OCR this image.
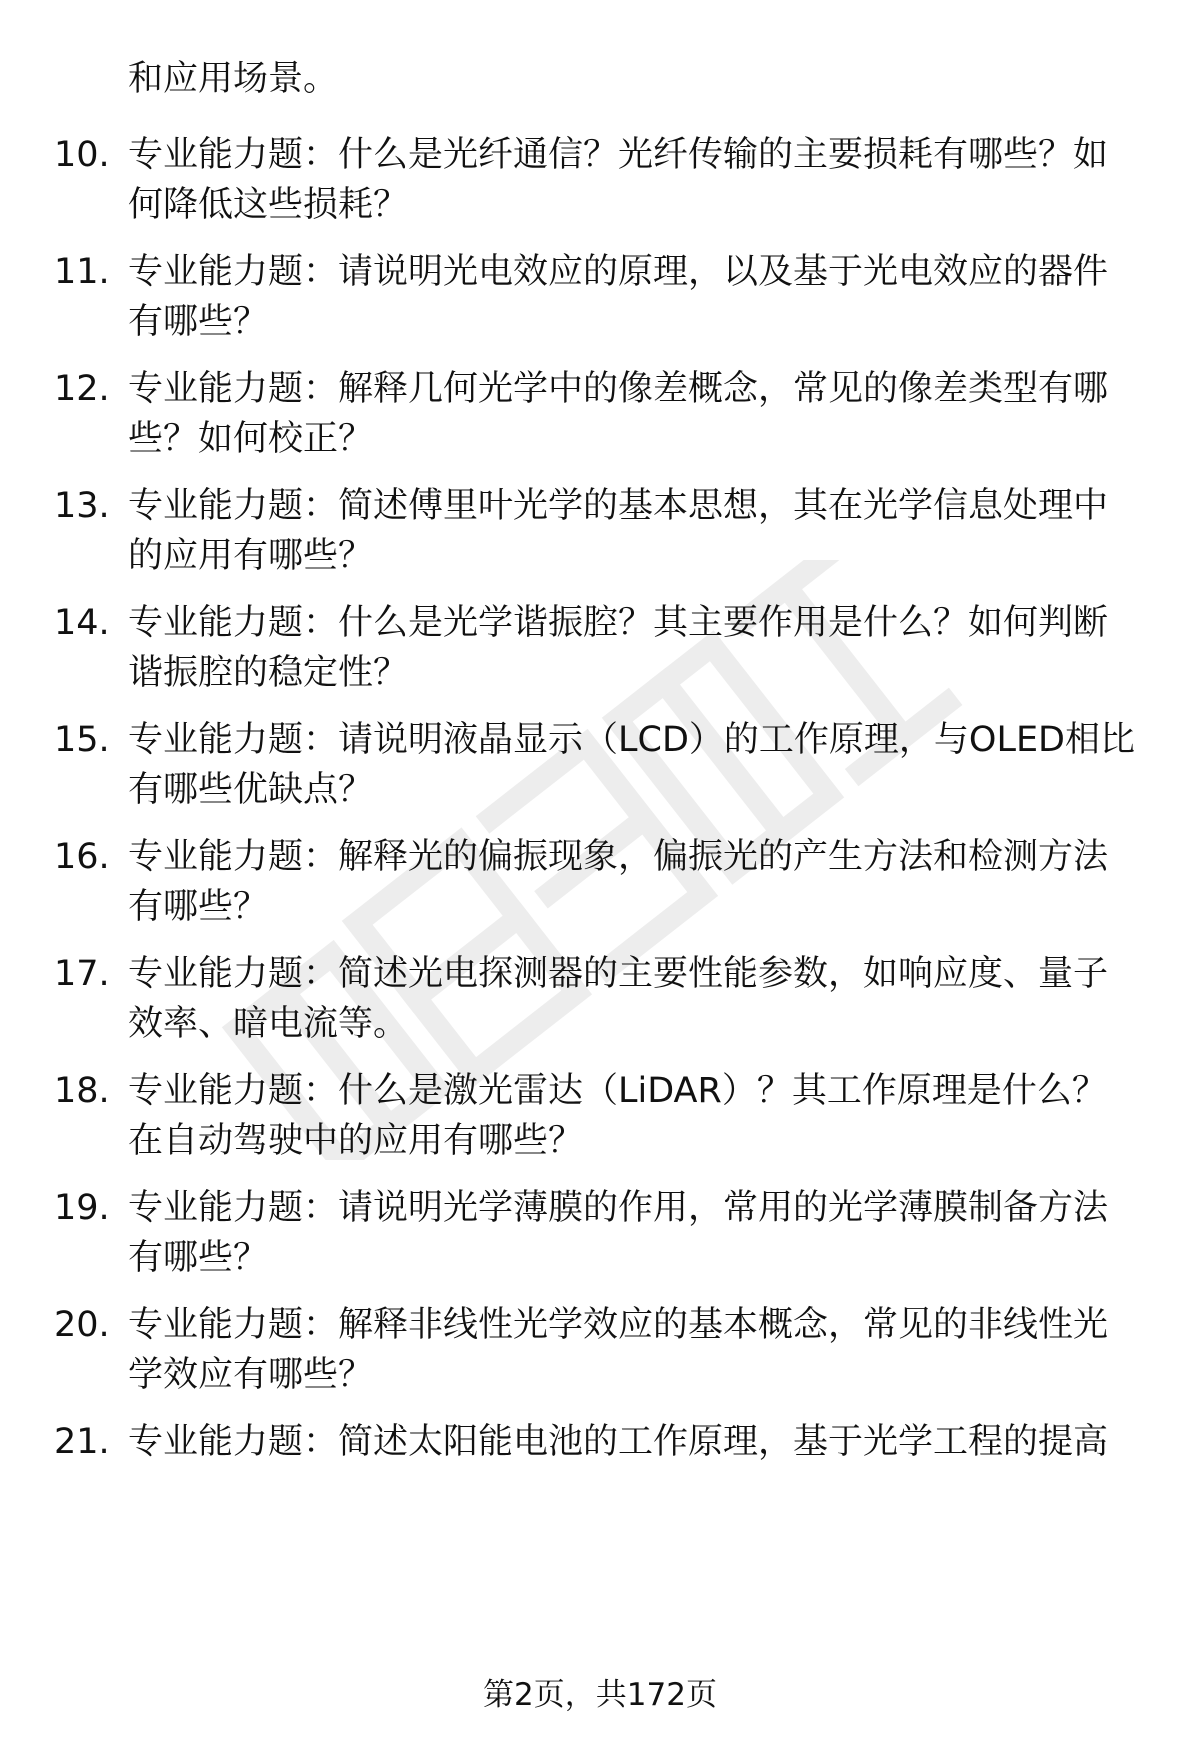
和应用场景。
10. 专业能力题：什么是光纤通信？光纤传输的主要损耗有哪些？如
何降低这些损耗？
11. 专业能力题：请说明光电效应的原理，以及基于光电效应的器件
有哪些？
12. 专业能力题：解释几何光学中的像差概念，常见的像差类型有哪
些？如何校正？
13. 专业能力题：简述傅里叶光学的基本思想，其在光学信息处理中
的应用有哪些？
14. 专业能力题：什么是光学谐振腔？其主要作用是什么？如何判断
谐振腔的稳定性？
15. 专业能力题：请说明液晶显示（LCD）的工作原理，与OLED相比
有哪些优缺点？
16. 专业能力题：解释光的偏振现象，偏振光的产生方法和检测方法
有哪些？
17. 专业能力题：简述光电探测器的主要性能参数，如响应度、量子
效率、暗电流等。
18. 专业能力题：什么是激光雷达（LiDAR）？其工作原理是什么？
在自动驾驶中的应用有哪些？
19. 专业能力题：请说明光学薄膜的作用，常用的光学薄膜制备方法
有哪些？
20. 专业能力题：解释非线性光学效应的基本概念，常见的非线性光
学效应有哪些？
21. 专业能力题：简述太阳能电池的工作原理，基于光学工程的提高
第2页，共172页
